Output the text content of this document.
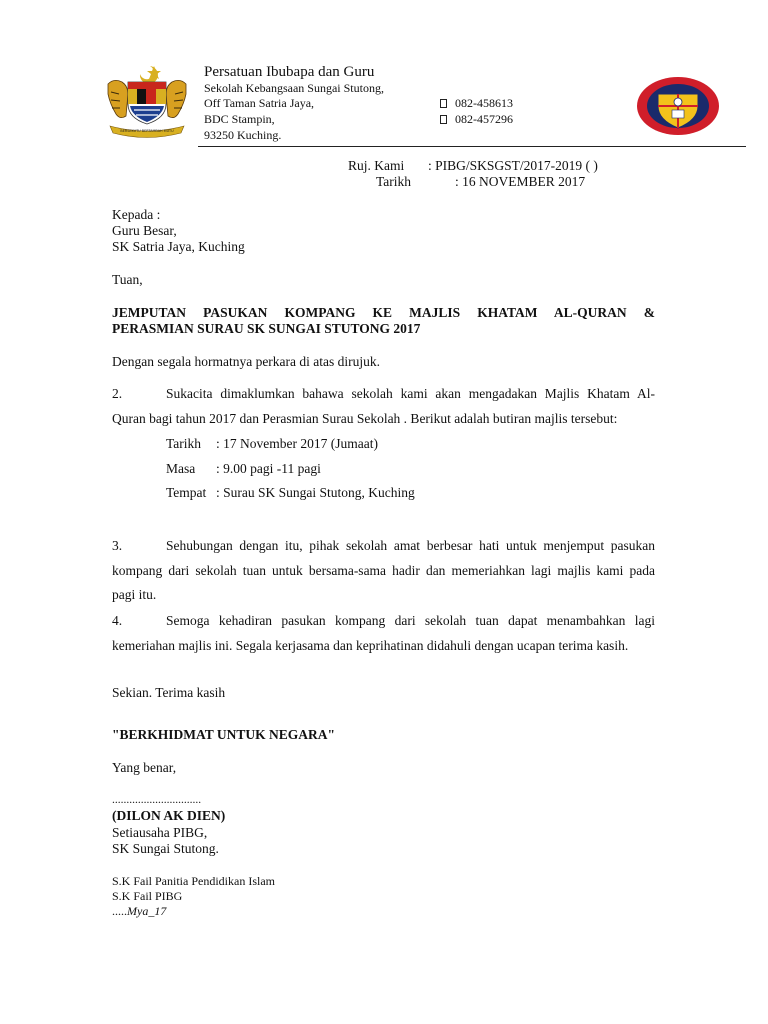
BERSEKUTU BERTAMBAH MUTU
Persatuan Ibubapa dan Guru
Sekolah Kebangsaan Sungai Stutong,
Off Taman Satria Jaya,
BDC Stampin,
93250 Kuching.
082-458613
082-457296
Ruj. Kami : PIBG/SKSGST/2017-2019 ( )
Tarikh	: 16 NOVEMBER 2017
Kepada :
Guru Besar,
SK Satria Jaya, Kuching
Tuan,
JEMPUTAN PASUKAN KOMPANG KE MAJLIS KHATAM AL-QURAN &
PERASMIAN SURAU SK SUNGAI STUTONG 2017
Dengan segala hormatnya perkara di atas dirujuk.
2.	Sukacita dimaklumkan bahawa sekolah kami akan mengadakan Majlis Khatam Al-
Quran bagi tahun 2017 dan Perasmian Surau Sekolah . Berikut adalah butiran majlis tersebut:
Tarikh : 17 November 2017 (Jumaat)
Masa : 9.00 pagi -11 pagi
Tempat : Surau SK Sungai Stutong, Kuching
3.	Sehubungan dengan itu, pihak sekolah amat berbesar hati untuk menjemput pasukan
kompang dari sekolah tuan untuk bersama-sama hadir dan memeriahkan lagi majlis kami pada
pagi itu.
4.	Semoga kehadiran pasukan kompang dari sekolah tuan dapat menambahkan lagi
kemeriahan majlis ini. Segala kerjasama dan keprihatinan didahuli dengan ucapan terima kasih.
Sekian. Terima kasih
"BERKHIDMAT UNTUK NEGARA"
Yang benar,
...............................
(DILON AK DIEN)
Setiausaha PIBG,
SK Sungai Stutong.
S.K Fail Panitia Pendidikan Islam
S.K Fail PIBG
.....Mya_17
